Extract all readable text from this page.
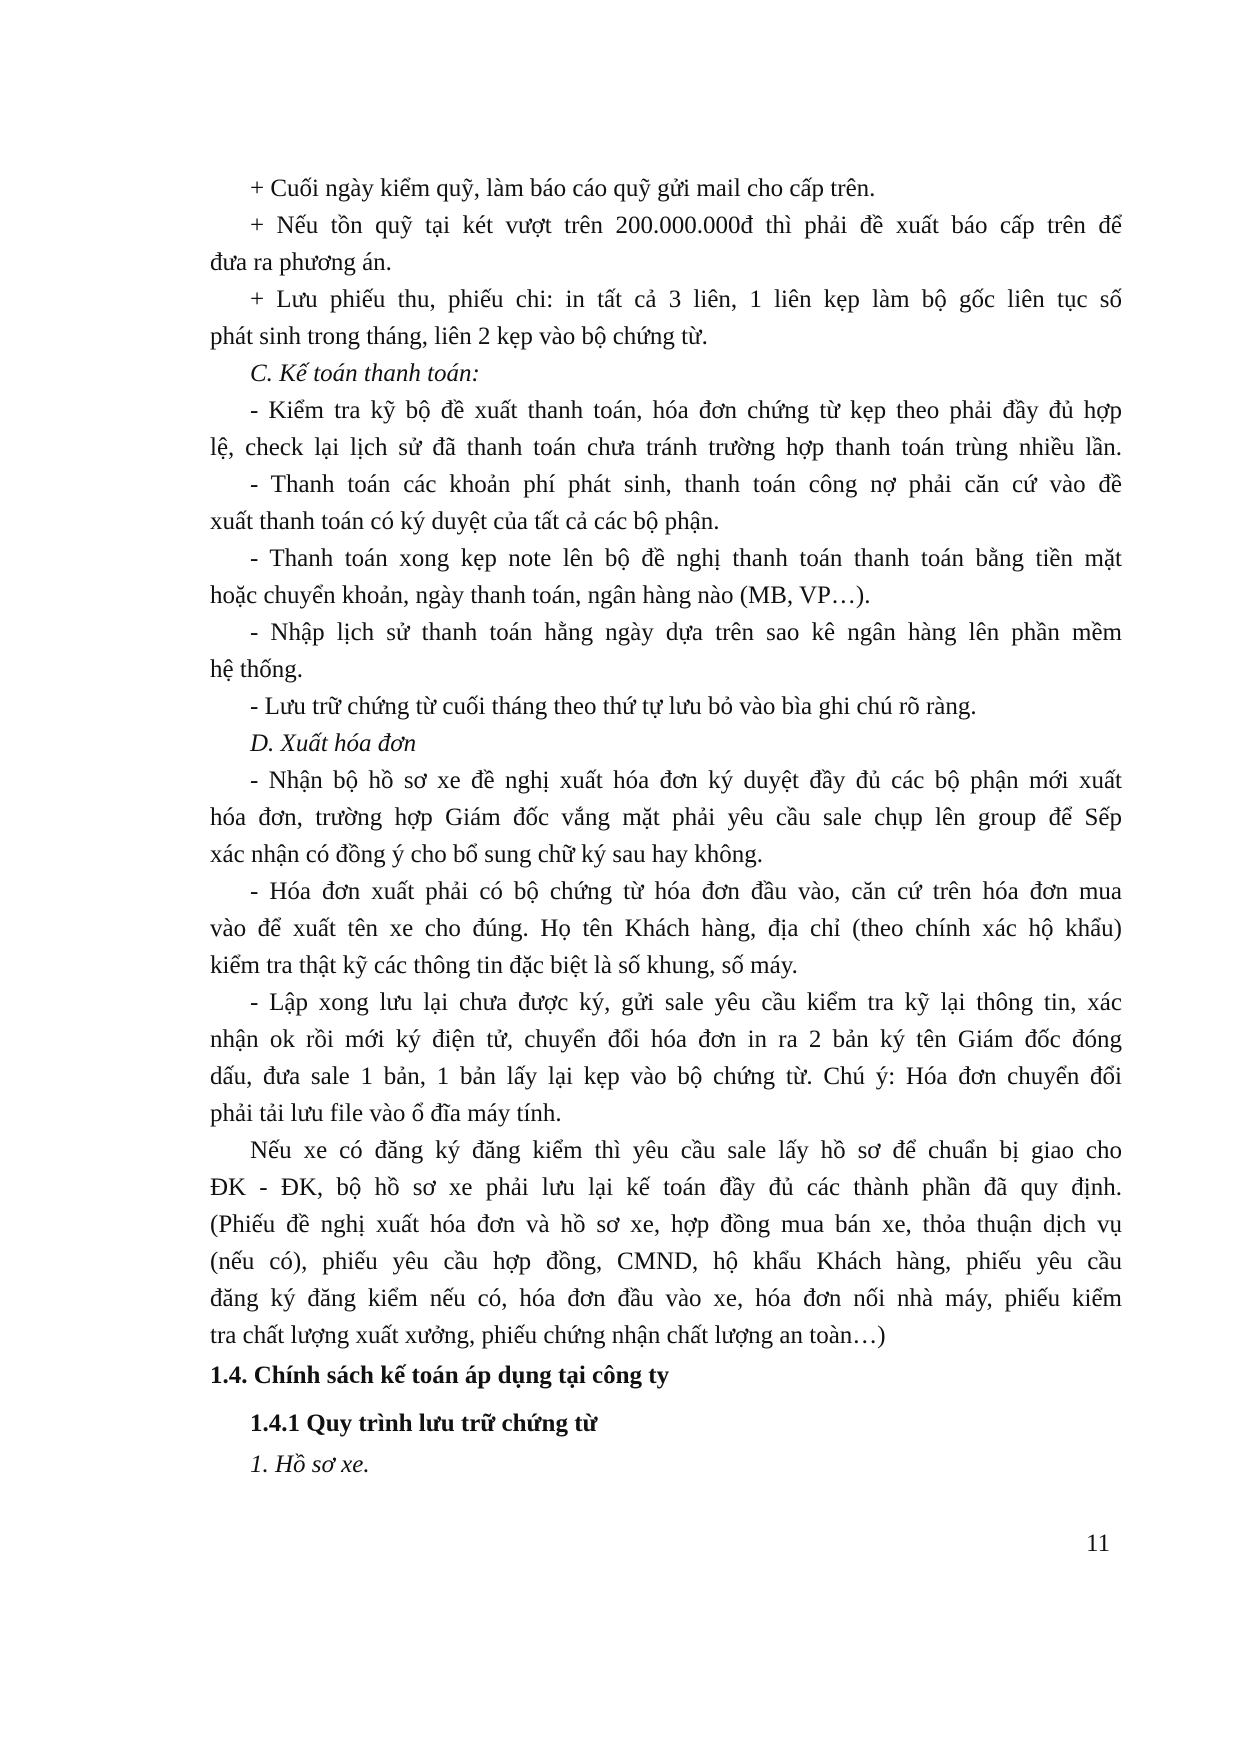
+ Cuối ngày kiểm quỹ, làm báo cáo quỹ gửi mail cho cấp trên.
+ Nếu tồn quỹ tại két vượt trên 200.000.000đ thì phải đề xuất báo cấp trên để
đưa ra phương án.
+ Lưu phiếu thu, phiếu chi: in tất cả 3 liên, 1 liên kẹp làm bộ gốc liên tục số
phát sinh trong tháng, liên 2 kẹp vào bộ chứng từ.
C. Kế toán thanh toán:
- Kiểm tra kỹ bộ đề xuất thanh toán, hóa đơn chứng từ kẹp theo phải đầy đủ hợp
lệ, check lại lịch sử đã thanh toán chưa tránh trường hợp thanh toán trùng nhiều lần.
- Thanh toán các khoản phí phát sinh, thanh toán công nợ phải căn cứ vào đề
xuất thanh toán có ký duyệt của tất cả các bộ phận.
- Thanh toán xong kẹp note lên bộ đề nghị thanh toán thanh toán bằng tiền mặt
hoặc chuyển khoản, ngày thanh toán, ngân hàng nào (MB, VP…).
- Nhập lịch sử thanh toán hằng ngày dựa trên sao kê ngân hàng lên phần mềm
hệ thống.
- Lưu trữ chứng từ cuối tháng theo thứ tự lưu bỏ vào bìa ghi chú rõ ràng.
D. Xuất hóa đơn
- Nhận bộ hồ sơ xe đề nghị xuất hóa đơn ký duyệt đầy đủ các bộ phận mới xuất
hóa đơn, trường hợp Giám đốc vắng mặt phải yêu cầu sale chụp lên group để Sếp
xác nhận có đồng ý cho bổ sung chữ ký sau hay không.
- Hóa đơn xuất phải có bộ chứng từ hóa đơn đầu vào, căn cứ trên hóa đơn mua
vào để xuất tên xe cho đúng. Họ tên Khách hàng, địa chỉ (theo chính xác hộ khẩu)
kiểm tra thật kỹ các thông tin đặc biệt là số khung, số máy.
- Lập xong lưu lại chưa được ký, gửi sale yêu cầu kiểm tra kỹ lại thông tin, xác
nhận ok rồi mới ký điện tử, chuyển đổi hóa đơn in ra 2 bản ký tên Giám đốc đóng
dấu, đưa sale 1 bản, 1 bản lấy lại kẹp vào bộ chứng từ. Chú ý: Hóa đơn chuyển đổi
phải tải lưu file vào ổ đĩa máy tính.
Nếu xe có đăng ký đăng kiểm thì yêu cầu sale lấy hồ sơ để chuẩn bị giao cho
ĐK - ĐK, bộ hồ sơ xe phải lưu lại kế toán đầy đủ các thành phần đã quy định.
(Phiếu đề nghị xuất hóa đơn và hồ sơ xe, hợp đồng mua bán xe, thỏa thuận dịch vụ
(nếu có), phiếu yêu cầu hợp đồng, CMND, hộ khẩu Khách hàng, phiếu yêu cầu
đăng ký đăng kiểm nếu có, hóa đơn đầu vào xe, hóa đơn nối nhà máy, phiếu kiểm
tra chất lượng xuất xưởng, phiếu chứng nhận chất lượng an toàn…)
1.4. Chính sách kế toán áp dụng tại công ty
1.4.1 Quy trình lưu trữ chứng từ
1. Hồ sơ xe.
11
